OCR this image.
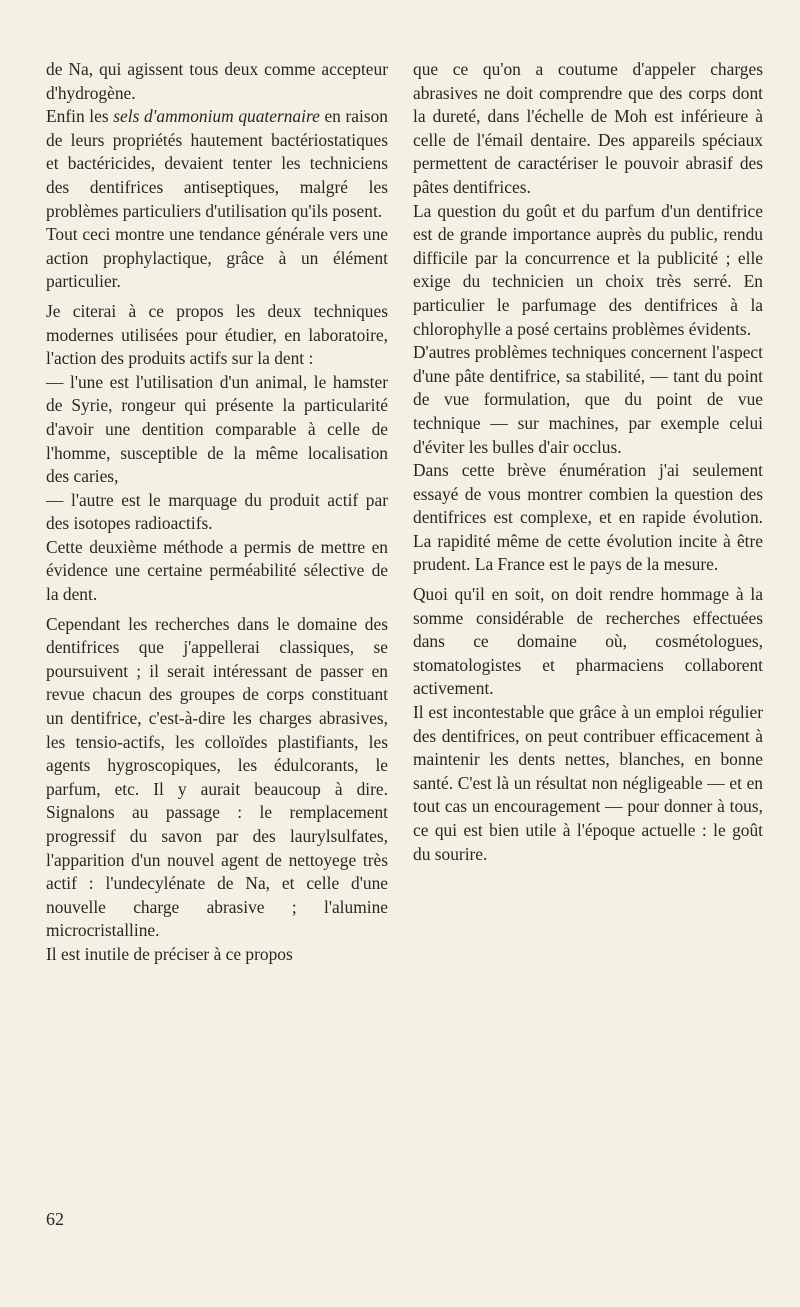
de Na, qui agissent tous deux comme accepteur d'hydrogène.

Enfin les sels d'ammonium quaternaire en raison de leurs propriétés hautement bactériostatiques et bactéricides, devaient tenter les techniciens des dentifrices antiseptiques, malgré les problèmes particuliers d'utilisation qu'ils posent.

Tout ceci montre une tendance générale vers une action prophylactique, grâce à un élément particulier.

Je citerai à ce propos les deux techniques modernes utilisées pour étudier, en laboratoire, l'action des produits actifs sur la dent :

— l'une est l'utilisation d'un animal, le hamster de Syrie, rongeur qui présente la particularité d'avoir une dentition comparable à celle de l'homme, susceptible de la même localisation des caries,

— l'autre est le marquage du produit actif par des isotopes radioactifs.

Cette deuxième méthode a permis de mettre en évidence une certaine perméabilité sélective de la dent.

Cependant les recherches dans le domaine des dentifrices que j'appellerai classiques, se poursuivent ; il serait intéressant de passer en revue chacun des groupes de corps constituant un dentifrice, c'est-à-dire les charges abrasives, les tensio-actifs, les colloïdes plastifiants, les agents hygroscopiques, les édulcorants, le parfum, etc. Il y aurait beaucoup à dire. Signalons au passage : le remplacement progressif du savon par des laurylsulfates, l'apparition d'un nouvel agent de nettoyege très actif : l'undecylénate de Na, et celle d'une nouvelle charge abrasive ; l'alumine microcristalline.

Il est inutile de préciser à ce propos

que ce qu'on a coutume d'appeler charges abrasives ne doit comprendre que des corps dont la dureté, dans l'échelle de Moh est inférieure à celle de l'émail dentaire. Des appareils spéciaux permettent de caractériser le pouvoir abrasif des pâtes dentifrices.

La question du goût et du parfum d'un dentifrice est de grande importance auprès du public, rendu difficile par la concurrence et la publicité ; elle exige du technicien un choix très serré. En particulier le parfumage des dentifrices à la chlorophylle a posé certains problèmes évidents.

D'autres problèmes techniques concernent l'aspect d'une pâte dentifrice, sa stabilité, — tant du point de vue formulation, que du point de vue technique — sur machines, par exemple celui d'éviter les bulles d'air occlus.

Dans cette brève énumération j'ai seulement essayé de vous montrer combien la question des dentifrices est complexe, et en rapide évolution. La rapidité même de cette évolution incite à être prudent. La France est le pays de la mesure.

Quoi qu'il en soit, on doit rendre hommage à la somme considérable de recherches effectuées dans ce domaine où, cosmétologues, stomatologistes et pharmaciens collaborent activement.

Il est incontestable que grâce à un emploi régulier des dentifrices, on peut contribuer efficacement à maintenir les dents nettes, blanches, en bonne santé. C'est là un résultat non négligeable — et en tout cas un encouragement — pour donner à tous, ce qui est bien utile à l'époque actuelle : le goût du sourire.

62
